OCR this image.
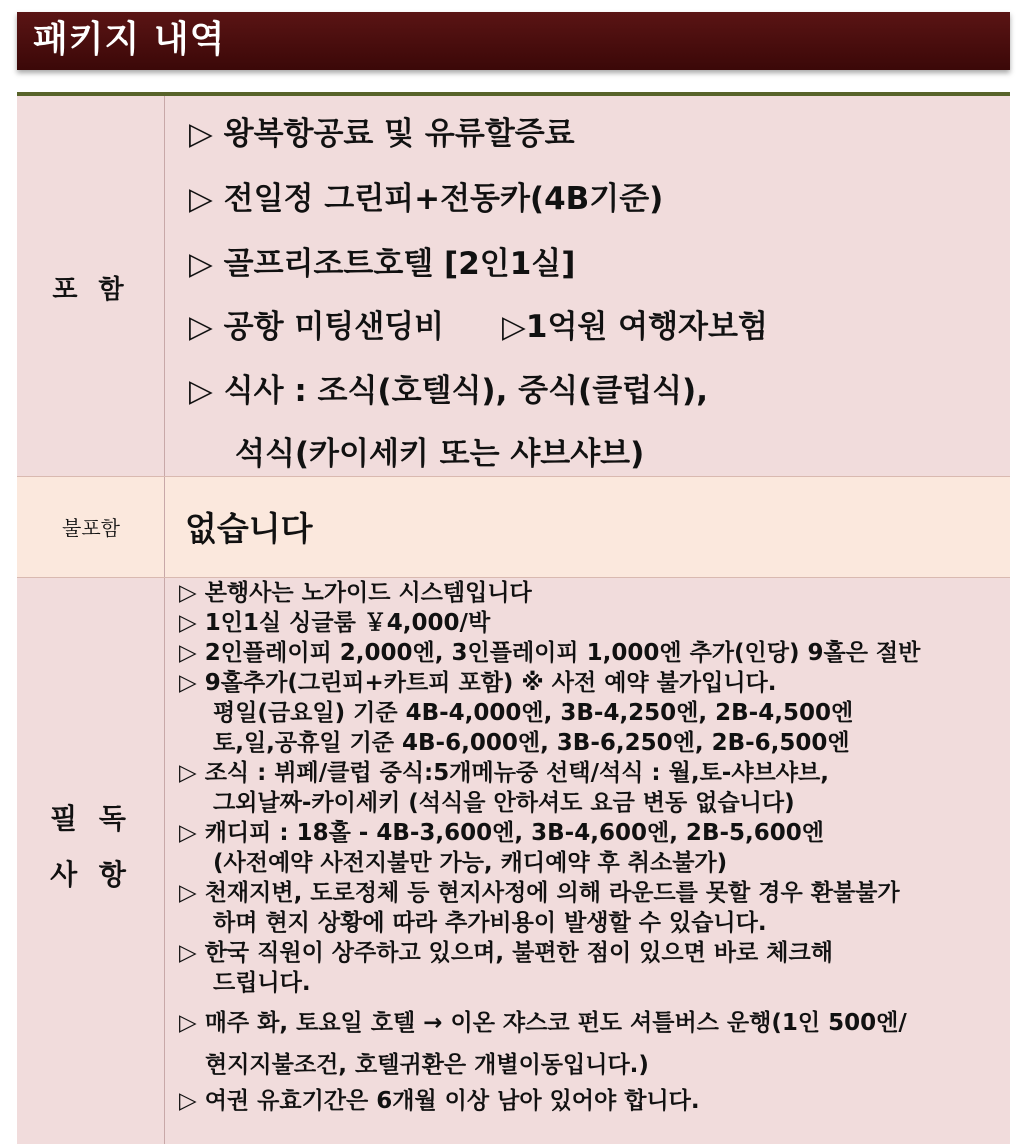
패키지 내역
포 함
▷ 왕복항공료 및 유류할증료
▷ 전일정 그린피+전동카(4B기준)
▷ 골프리조트호텔 [2인1실]
▷ 공항 미팅샌딩비 ▷1억원 여행자보험
▷ 식사 : 조식(호텔식), 중식(클럽식),
석식(카이세키 또는 샤브샤브)
불포함	없습니다
필 독
사 항
▷ 본행사는 노가이드 시스템입니다
▷ 1인1실 싱글룸 ￥4,000/박
▷ 2인플레이피 2,000엔, 3인플레이피 1,000엔 추가(인당) 9홀은 절반
▷ 9홀추가(그린피+카트피 포함) ※ 사전 예약 불가입니다.
평일(금요일) 기준 4B-4,000엔, 3B-4,250엔, 2B-4,500엔
토,일,공휴일 기준 4B-6,000엔, 3B-6,250엔, 2B-6,500엔
▷ 조식 : 뷔페/클럽 중식:5개메뉴중 선택/석식 : 월,토-샤브샤브,
그외날짜-카이세키 (석식을 안하셔도 요금 변동 없습니다)
▷ 캐디피 : 18홀 - 4B-3,600엔, 3B-4,600엔, 2B-5,600엔
(사전예약 사전지불만 가능, 캐디예약 후 취소불가)
▷ 천재지변, 도로정체 등 현지사정에 의해 라운드를 못할 경우 환불불가
하며 현지 상황에 따라 추가비용이 발생할 수 있습니다.
▷ 한국 직원이 상주하고 있으며, 불편한 점이 있으면 바로 체크해
드립니다.
▷ 매주 화, 토요일 호텔 → 이온 쟈스코 펀도 셔틀버스 운행(1인 500엔/
현지지불조건, 호텔귀환은 개별이동입니다.)
▷ 여권 유효기간은 6개월 이상 남아 있어야 합니다.
